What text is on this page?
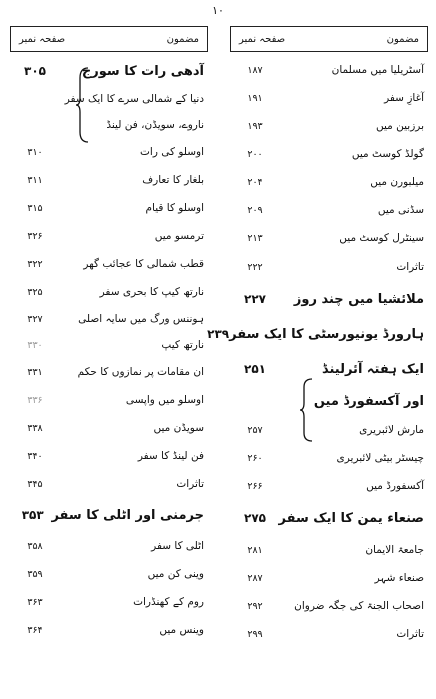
۱۰
مضمون
صفحہ نمبر
آسٹریلیا میں مسلمان
۱۸۷
آغازِ سفر
۱۹۱
برزبین میں
۱۹۳
گولڈ کوسٹ میں
۲۰۰
میلبورن میں
۲۰۴
سڈنی میں
۲۰۹
سینٹرل کوسٹ میں
۲۱۳
تاثرات
۲۲۲
ملائشیا میں چند روز
۲۲۷
ہارورڈ یونیورسٹی کا ایک سفر
۲۳۹
ایک ہفتہ آئرلینڈ
۲۵۱
اور آکسفورڈ میں
مارش لائبریری
۲۵۷
چیسٹر بیٹی لائبریری
۲۶۰
آکسفورڈ میں
۲۶۶
صنعاء یمن کا ایک سفر
۲۷۵
جامعۃ الایمان
۲۸۱
صنعاء شہر
۲۸۷
اصحاب الجنۃ کی جگہ ضروان
۲۹۲
تاثرات
۲۹۹
مضمون
صفحہ نمبر
آدھی رات کا سورج
۳۰۵
دنیا کے شمالی سرے کا ایک سفر
ناروے، سویڈن، فن لینڈ
اوسلو کی رات
۳۱۰
بلغار کا تعارف
۳۱۱
اوسلو کا قیام
۳۱۵
ترمسو میں
۳۲۶
قطب شمالی کا عجائب گھر
۳۲۲
نارتھ کیپ کا بحری سفر
۳۲۵
ہوننس ورگ میں سایہ اصلی
۳۲۷
نارتھ کیپ
۳۳۰
ان مقامات پر نمازوں کا حکم
۳۳۱
اوسلو میں واپسی
۳۳۶
سویڈن میں
۳۳۸
فن لینڈ کا سفر
۳۴۰
تاثرات
۳۴۵
جرمنی اور اٹلی کا سفر
۳۵۳
اٹلی کا سفر
۳۵۸
وینی کن میں
۳۵۹
روم کے کھنڈرات
۳۶۳
وینس میں
۳۶۴
